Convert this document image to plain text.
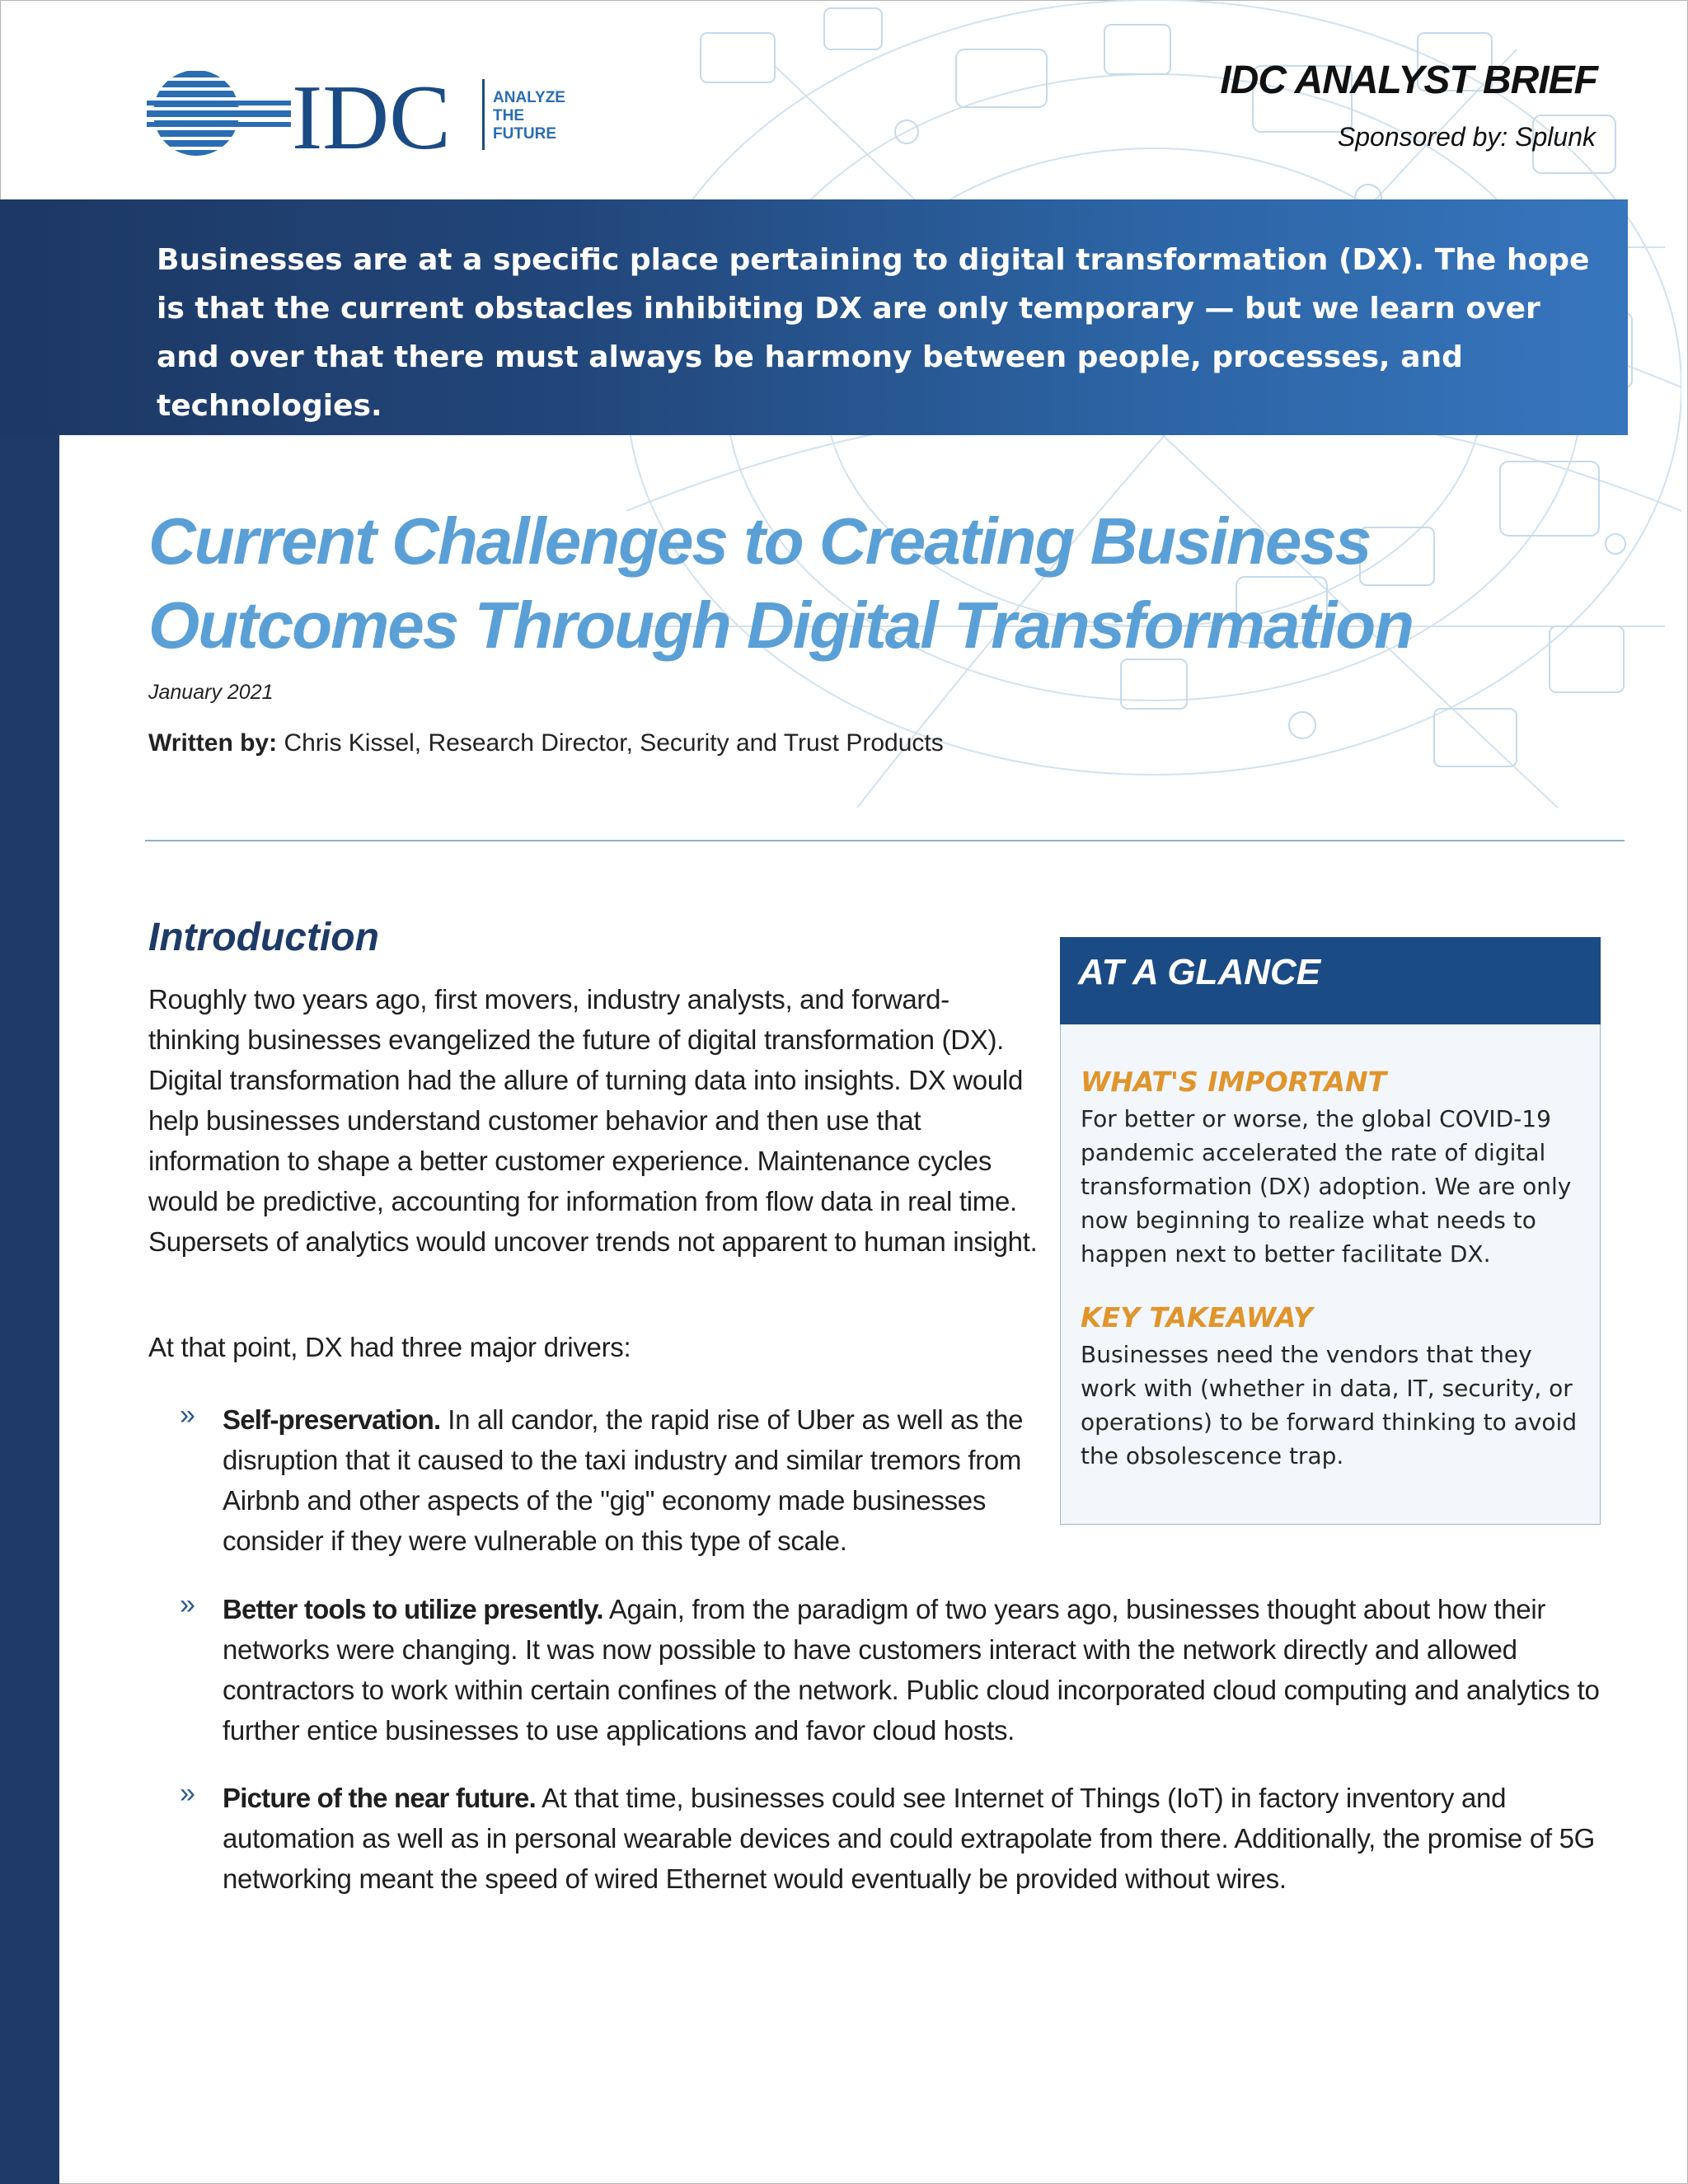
Businesses are at a specific place pertaining to digital transformation (DX). The hope is that the current obstacles inhibiting DX are only temporary — but we learn over and over that there must always be harmony between people, processes, and technologies.
IDC	ANALYZE
THE
FUTURE
IDC ANALYST BRIEF
Sponsored by: Splunk
Current Challenges to Creating Business
Outcomes Through Digital Transformation
January 2021
Written by: Chris Kissel, Research Director, Security and Trust Products
Introduction
Roughly two years ago, first movers, industry analysts, and forward-thinking businesses evangelized the future of digital transformation (DX). Digital transformation had the allure of turning data into insights. DX would help businesses understand customer behavior and then use that information to shape a better customer experience. Maintenance cycles would be predictive, accounting for information from flow data in real time. Supersets of analytics would uncover trends not apparent to human insight.
At that point, DX had three major drivers:
» Self-preservation. In all candor, the rapid rise of Uber as well as the disruption that it caused to the taxi industry and similar tremors from Airbnb and other aspects of the "gig" economy made businesses consider if they were vulnerable on this type of scale.
» Better tools to utilize presently. Again, from the paradigm of two years ago, businesses thought about how their networks were changing. It was now possible to have customers interact with the network directly and allowed contractors to work within certain confines of the network. Public cloud incorporated cloud computing and analytics to further entice businesses to use applications and favor cloud hosts.
» Picture of the near future. At that time, businesses could see Internet of Things (IoT) in factory inventory and automation as well as in personal wearable devices and could extrapolate from there. Additionally, the promise of 5G networking meant the speed of wired Ethernet would eventually be provided without wires.
AT A GLANCE
WHAT'S IMPORTANT
For better or worse, the global COVID-19 pandemic accelerated the rate of digital transformation (DX) adoption. We are only now beginning to realize what needs to happen next to better facilitate DX.
KEY TAKEAWAY
Businesses need the vendors that they work with (whether in data, IT, security, or operations) to be forward thinking to avoid the obsolescence trap.
